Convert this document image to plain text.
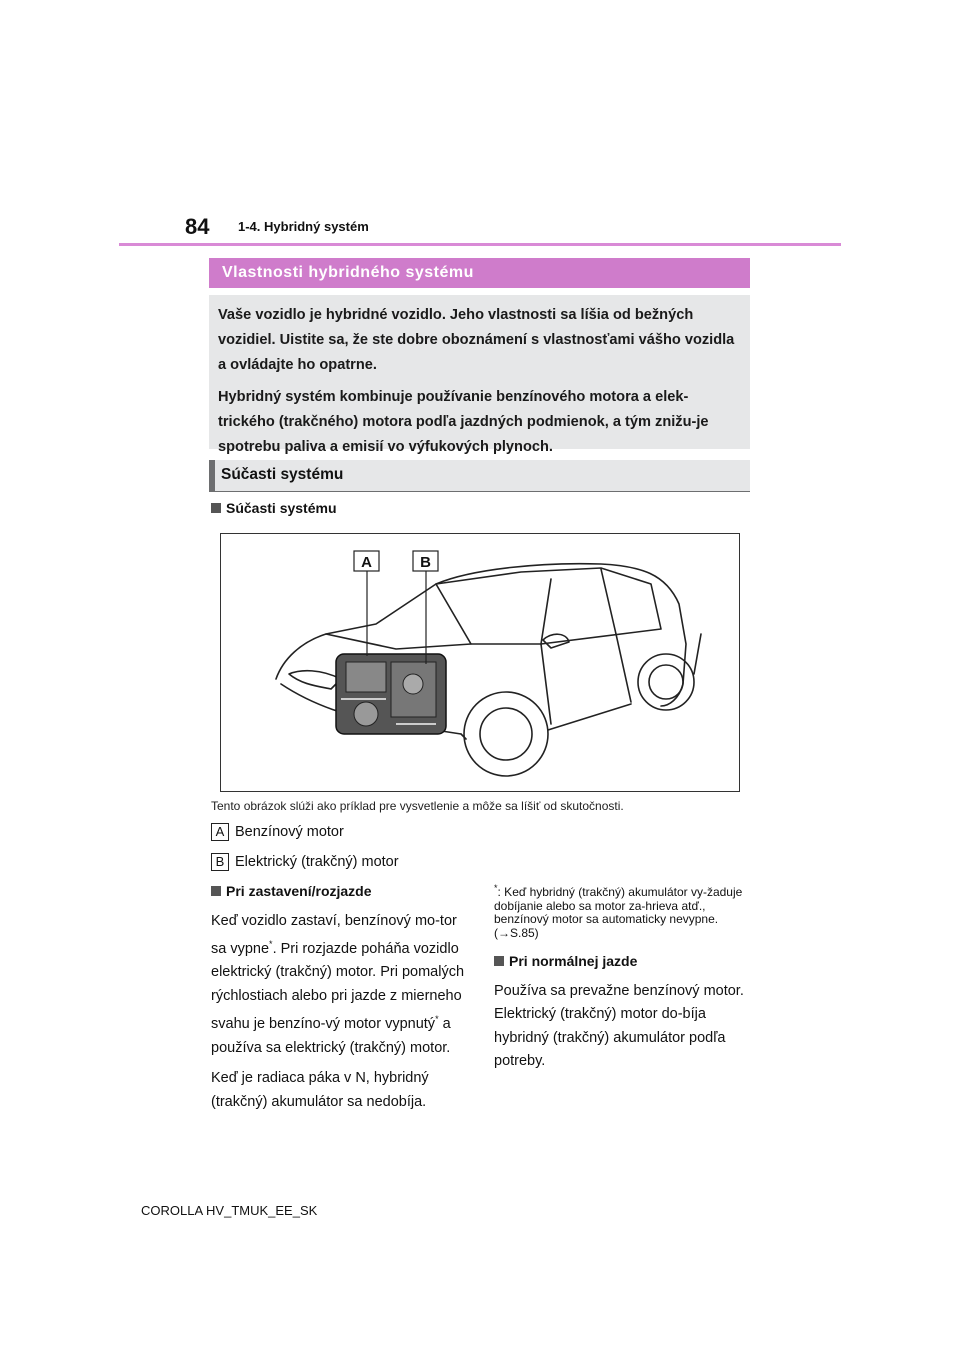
84 1-4. Hybridný systém
Vlastnosti hybridného systému

Vaše vozidlo je hybridné vozidlo. Jeho vlastnosti sa líšia od bežných vozidiel. Uistite sa, že ste dobre oboznámení s vlastnosťami vášho vozidla a ovládajte ho opatrne.

Hybridný systém kombinuje používanie benzínového motora a elek-trického (trakčného) motora podľa jazdných podmienok, a tým znižu-je spotrebu paliva a emisií vo výfukových plynoch.

Súčasti systému
Súčasti systému
A	B
Tento obrázok slúži ako príklad pre vysvetlenie a môže sa líšiť od skutočnosti.
A Benzínový motor
B Elektrický (trakčný) motor
Pri zastavení/rozjazde

Keď vozidlo zastaví, benzínový mo-tor sa vypne*. Pri rozjazde poháňa vozidlo elektrický (trakčný) motor. Pri pomalých rýchlostiach alebo pri jazde z mierneho svahu je benzíno-vý motor vypnutý* a používa sa elektrický (trakčný) motor.

Keď je radiaca páka v N, hybridný (trakčný) akumulátor sa nedobíja.

*: Keď hybridný (trakčný) akumulátor vy-žaduje dobíjanie alebo sa motor za-hrieva atď., benzínový motor sa automaticky nevypne. (→S.85)
Pri normálnej jazde

Používa sa prevažne benzínový motor. Elektrický (trakčný) motor do-bíja hybridný (trakčný) akumulátor podľa potreby.

COROLLA HV_TMUK_EE_SK
